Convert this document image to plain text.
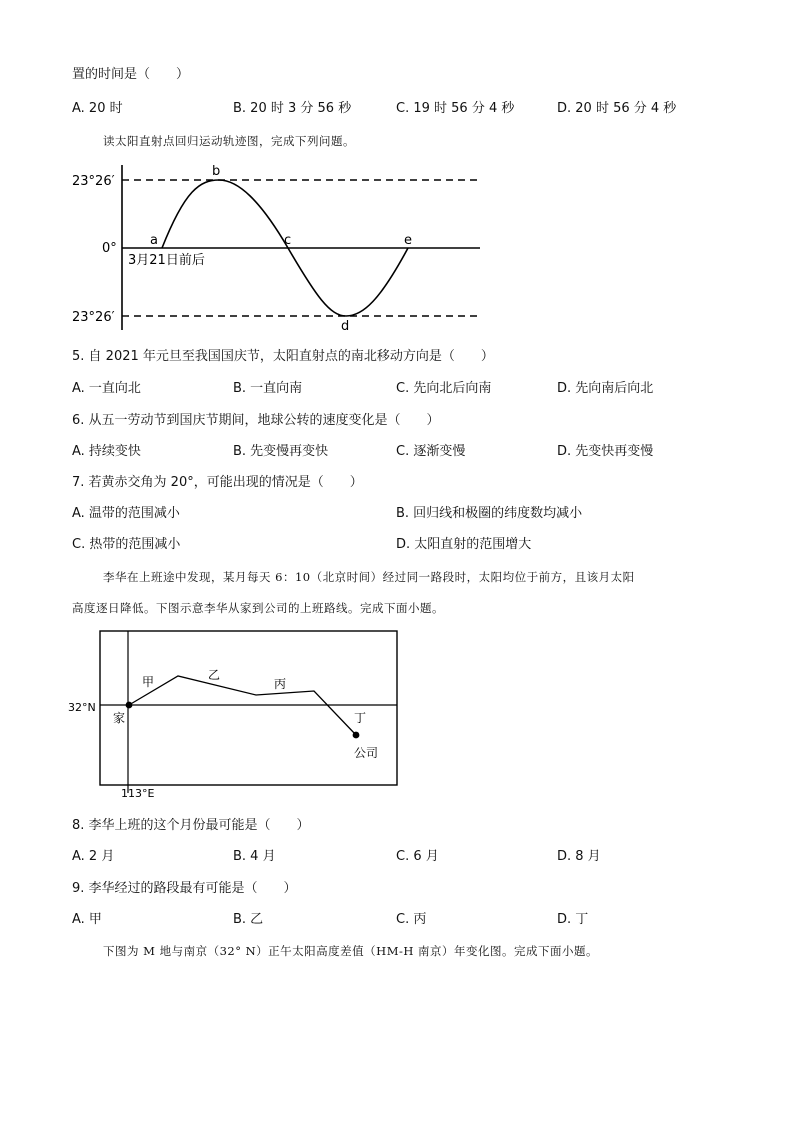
置的时间是（　　）
A. 20 时	B. 20 时 3 分 56 秒	C. 19 时 56 分 4 秒	D. 20 时 56 分 4 秒
读太阳直射点回归运动轨迹图，完成下列问题。
23°26′
0°
23°26′
a
b
c
d
e
3月21日前后
5. 自 2021 年元旦至我国国庆节，太阳直射点的南北移动方向是（　　）
A. 一直向北	B. 一直向南	C. 先向北后向南	D. 先向南后向北
6. 从五一劳动节到国庆节期间，地球公转的速度变化是（　　）
A. 持续变快	B. 先变慢再变快	C. 逐渐变慢	D. 先变快再变慢
7. 若黄赤交角为 20°，可能出现的情况是（　　）
A. 温带的范围减小	B. 回归线和极圈的纬度数均减小
C. 热带的范围减小	D. 太阳直射的范围增大
李华在上班途中发现，某月每天 6：10（北京时间）经过同一路段时，太阳均位于前方，且该月太阳
高度逐日降低。下图示意李华从家到公司的上班路线。完成下面小题。
32°N
113°E
家
公司
甲	乙
丙
丁
8. 李华上班的这个月份最可能是（　　）
A. 2 月	B. 4 月	C. 6 月	D. 8 月
9. 李华经过的路段最有可能是（　　）
A. 甲	B. 乙	C. 丙	D. 丁
下图为 M 地与南京（32° N）正午太阳高度差值（HM-H 南京）年变化图。完成下面小题。
